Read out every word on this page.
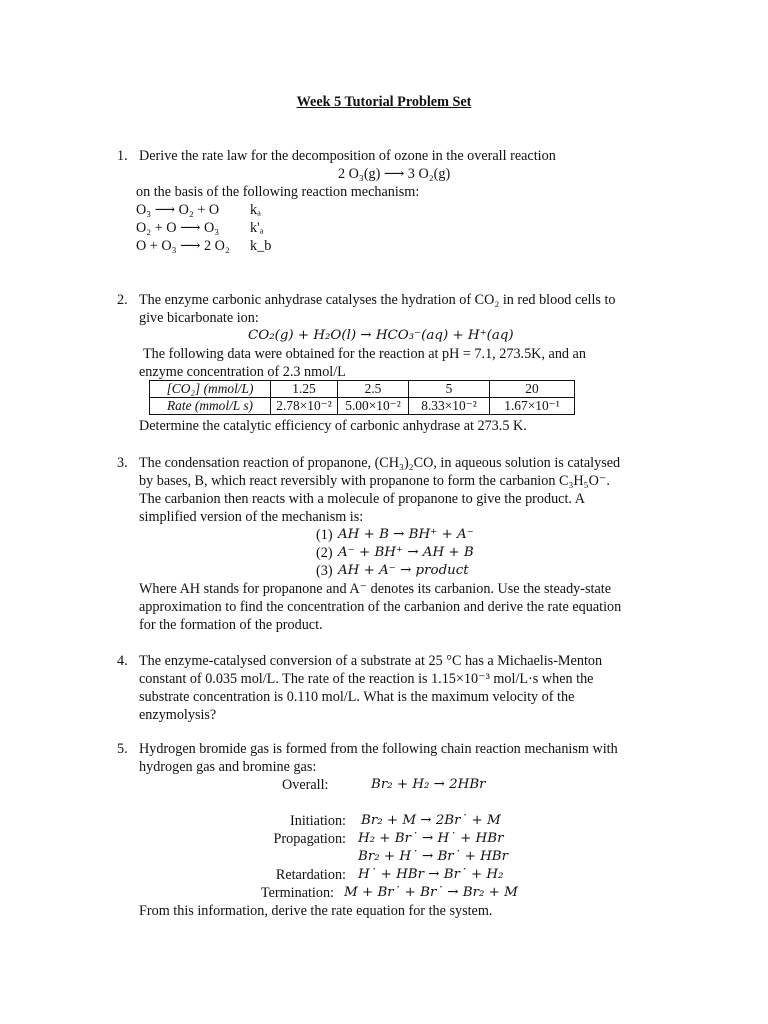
Week 5 Tutorial Problem Set
1. Derive the rate law for the decomposition of ozone in the overall reaction
2 O₃(g) ⟶ 3 O₂(g)
on the basis of the following reaction mechanism:
O₃ ⟶ O₂ + O kₐ
O₂ + O ⟶ O₃ k'ₐ
O + O₃ ⟶ 2 O₂ k_b
2. The enzyme carbonic anhydrase catalyses the hydration of CO₂ in red blood cells to
give bicarbonate ion:
CO₂(g) + H₂O(l) → HCO₃⁻(aq) + H⁺(aq)
The following data were obtained for the reaction at pH = 7.1, 273.5K, and an
enzyme concentration of 2.3 nmol/L
[CO₂] (mmol/L)	1.25	2.5	5	20
Rate (mmol/L s)	2.78×10⁻²	5.00×10⁻²	8.33×10⁻²	1.67×10⁻¹
Determine the catalytic efficiency of carbonic anhydrase at 273.5 K.
3. The condensation reaction of propanone, (CH₃)₂CO, in aqueous solution is catalysed
by bases, B, which react reversibly with propanone to form the carbanion C₃H₅O⁻.
The carbanion then reacts with a molecule of propanone to give the product. A
simplified version of the mechanism is:
(1) AH + B → BH⁺ + A⁻
(2) A⁻ + BH⁺ → AH + B
(3) AH + A⁻ → product
Where AH stands for propanone and A⁻ denotes its carbanion. Use the steady-state
approximation to find the concentration of the carbanion and derive the rate equation
for the formation of the product.
4. The enzyme-catalysed conversion of a substrate at 25 °C has a Michaelis-Menton
constant of 0.035 mol/L. The rate of the reaction is 1.15×10⁻³ mol/L·s when the
substrate concentration is 0.110 mol/L. What is the maximum velocity of the
enzymolysis?
5. Hydrogen bromide gas is formed from the following chain reaction mechanism with
hydrogen gas and bromine gas:
Overall:	Br₂ + H₂ → 2HBr
Initiation: Br₂ + M → 2Br˙ + M
Propagation: H₂ + Br˙ → H˙ + HBr
Br₂ + H˙ → Br˙ + HBr
Retardation: H˙ + HBr → Br˙ + H₂
Termination: M + Br˙ + Br˙ → Br₂ + M
From this information, derive the rate equation for the system.
